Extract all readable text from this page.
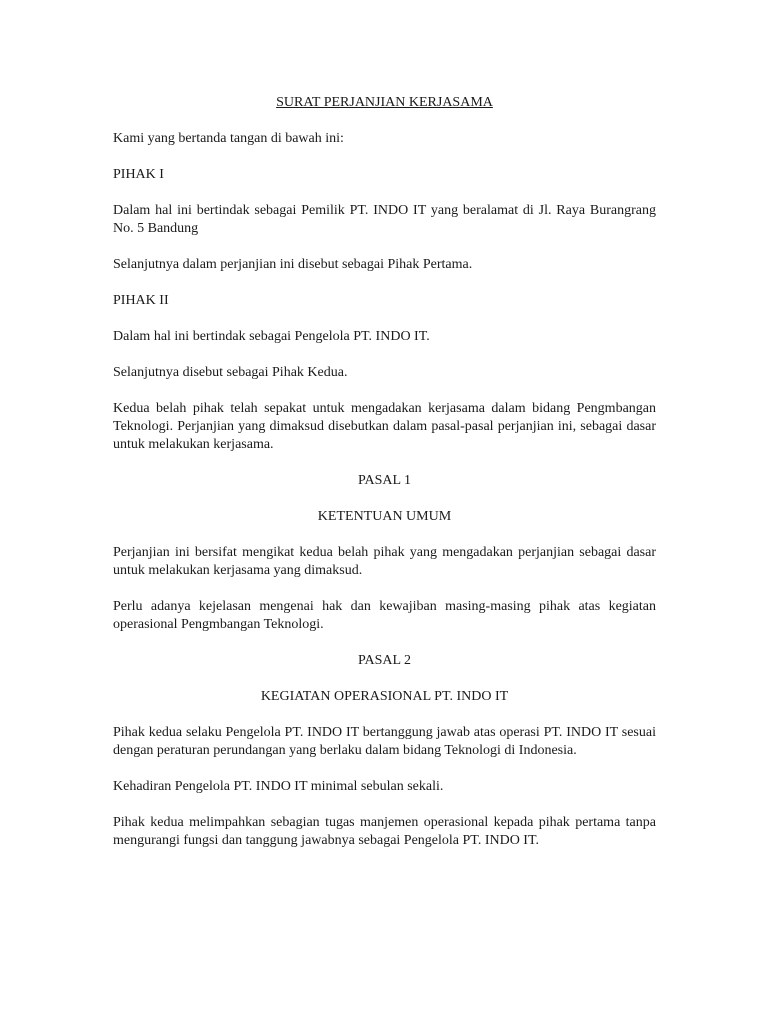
SURAT PERJANJIAN KERJASAMA

Kami yang bertanda tangan di bawah ini:

PIHAK I

Dalam hal ini bertindak sebagai Pemilik PT. INDO IT yang beralamat di Jl. Raya Burangrang No. 5 Bandung

Selanjutnya dalam perjanjian ini disebut sebagai Pihak Pertama.

PIHAK II

Dalam hal ini bertindak sebagai Pengelola PT. INDO IT.

Selanjutnya disebut sebagai Pihak Kedua.

Kedua belah pihak telah sepakat untuk mengadakan kerjasama dalam bidang Pengmbangan Teknologi. Perjanjian yang dimaksud disebutkan dalam pasal-pasal perjanjian ini, sebagai dasar untuk melakukan kerjasama.

PASAL 1

KETENTUAN UMUM

Perjanjian ini bersifat mengikat kedua belah pihak yang mengadakan perjanjian sebagai dasar untuk melakukan kerjasama yang dimaksud.

Perlu adanya kejelasan mengenai hak dan kewajiban masing-masing pihak atas kegiatan operasional Pengmbangan Teknologi.

PASAL 2

KEGIATAN OPERASIONAL PT. INDO IT

Pihak kedua selaku Pengelola PT. INDO IT bertanggung jawab atas operasi PT. INDO IT sesuai dengan peraturan perundangan yang berlaku dalam bidang Teknologi di Indonesia.

Kehadiran Pengelola PT. INDO IT minimal sebulan sekali.

Pihak kedua melimpahkan sebagian tugas manjemen operasional kepada pihak pertama tanpa mengurangi fungsi dan tanggung jawabnya sebagai Pengelola PT. INDO IT.
